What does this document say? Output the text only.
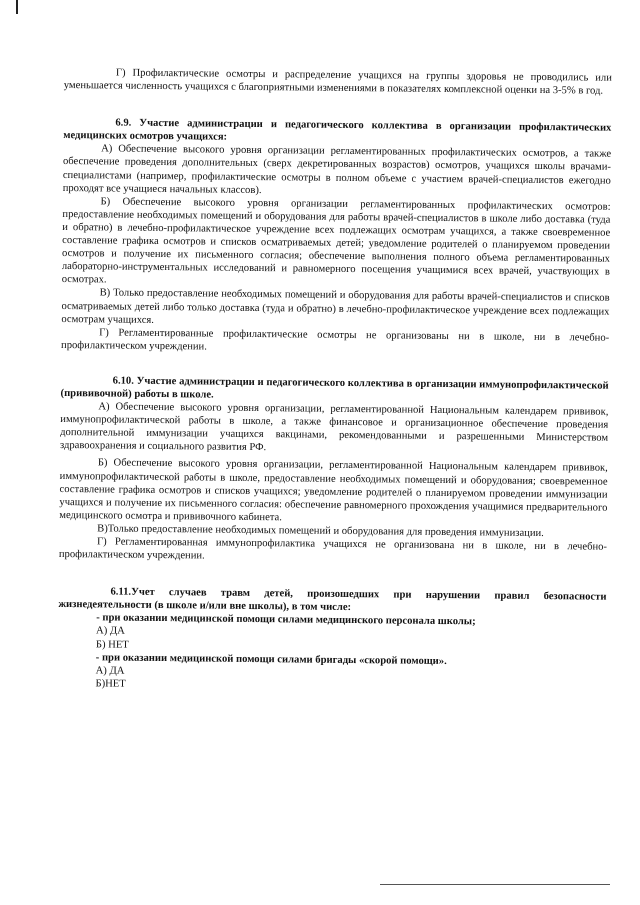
Г) Профилактические осмотры и распределение учащихся на группы здоровья не проводились или уменьшается численность учащихся с благоприятными изменениями в показателях комплексной оценки на 3-5% в год.

6.9. Участие администрации и педагогического коллектива в организации профилактических медицинских осмотров учащихся:

А) Обеспечение высокого уровня организации регламентированных профилактических осмотров, а также обеспечение проведения дополнительных (сверх декретированных возрастов) осмотров, учащихся школы врачами-специалистами (например, профилактические осмотры в полном объеме с участием врачей-специалистов ежегодно проходят все учащиеся начальных классов).

Б) Обеспечение высокого уровня организации регламентированных профилактических осмотров: предоставление необходимых помещений и оборудования для работы врачей-специалистов в школе либо доставка (туда и обратно) в лечебно-профилактическое учреждение всех подлежащих осмотрам учащихся, а также своевременное составление графика осмотров и списков осматриваемых детей; уведомление родителей о планируемом проведении осмотров и получение их письменного согласия; обеспечение выполнения полного объема регламентированных лабораторно-инструментальных исследований и равномерного посещения учащимися всех врачей, участвующих в осмотрах.

В) Только предоставление необходимых помещений и оборудования для работы врачей-специалистов и списков осматриваемых детей либо только доставка (туда и обратно) в лечебно-профилактическое учреждение всех подлежащих осмотрам учащихся.

Г) Регламентированные профилактические осмотры не организованы ни в школе, ни в лечебно-профилактическом учреждении.

6.10. Участие администрации и педагогического коллектива в организации иммунопрофилактической (прививочной) работы в школе.

А) Обеспечение высокого уровня организации, регламентированной Национальным календарем прививок, иммунопрофилактической работы в школе, а также финансовое и организационное обеспечение проведения дополнительной иммунизации учащихся вакцинами, рекомендованными и разрешенными Министерством здравоохранения и социального развития РФ.

Б) Обеспечение высокого уровня организации, регламентированной Национальным календарем прививок, иммунопрофилактической работы в школе, предоставление необходимых помещений и оборудования; своевременное составление графика осмотров и списков учащихся; уведомление родителей о планируемом проведении иммунизации учащихся и получение их письменного согласия: обеспечение равномерного прохождения учащимися предварительного медицинского осмотра и прививочного кабинета.

В)Только предоставление необходимых помещений и оборудования для проведения иммунизации.

Г) Регламентированная иммунопрофилактика учащихся не организована ни в школе, ни в лечебно-профилактическом учреждении.

6.11.Учет случаев травм детей, произошедших при нарушении правил безопасности жизнедеятельности (в школе и/или вне школы), в том числе:

- при оказании медицинской помощи силами медицинского персонала школы;

А) ДА

Б) НЕТ

- при оказании медицинской помощи силами бригады «скорой помощи».

А) ДА

Б)НЕТ
